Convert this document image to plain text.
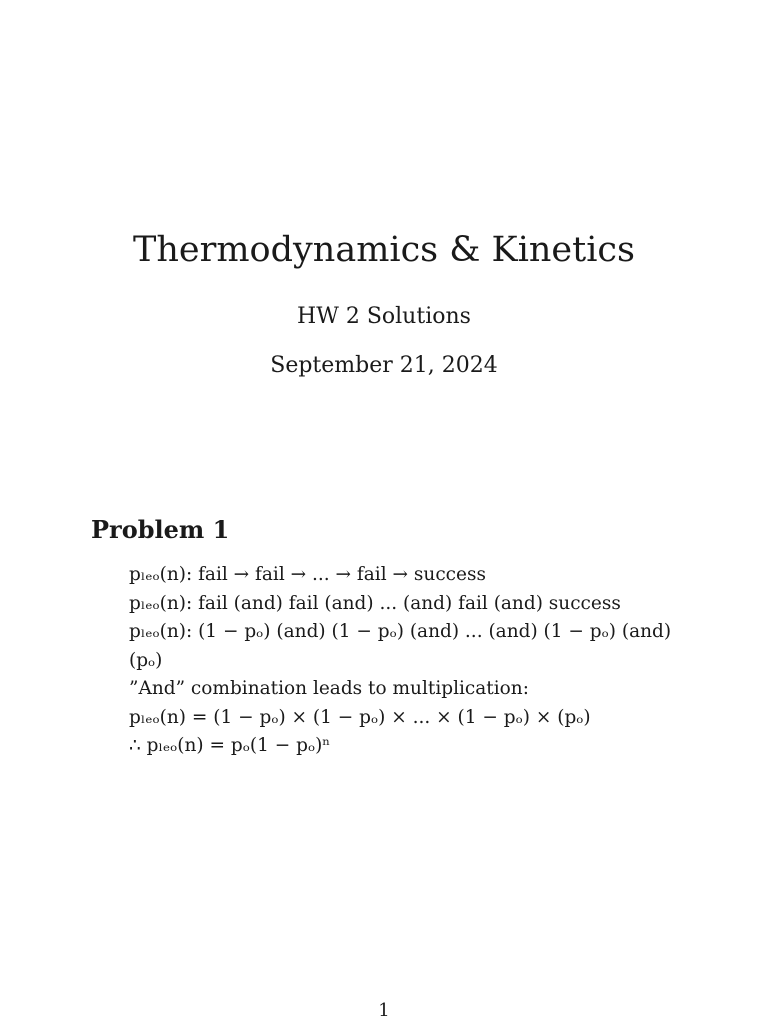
Thermodynamics & Kinetics
HW 2 Solutions
September 21, 2024
Problem 1
pₗₑₒ(n): fail → fail → ... → fail → success
pₗₑₒ(n): fail (and) fail (and) ... (and) fail (and) success
pₗₑₒ(n): (1 − pₒ) (and) (1 − pₒ) (and) ... (and) (1 − pₒ) (and)
(pₒ)
”And” combination leads to multiplication:
pₗₑₒ(n) = (1 − pₒ) × (1 − pₒ) × ... × (1 − pₒ) × (pₒ)
∴ pₗₑₒ(n) = pₒ(1 − pₒ)ⁿ
1
